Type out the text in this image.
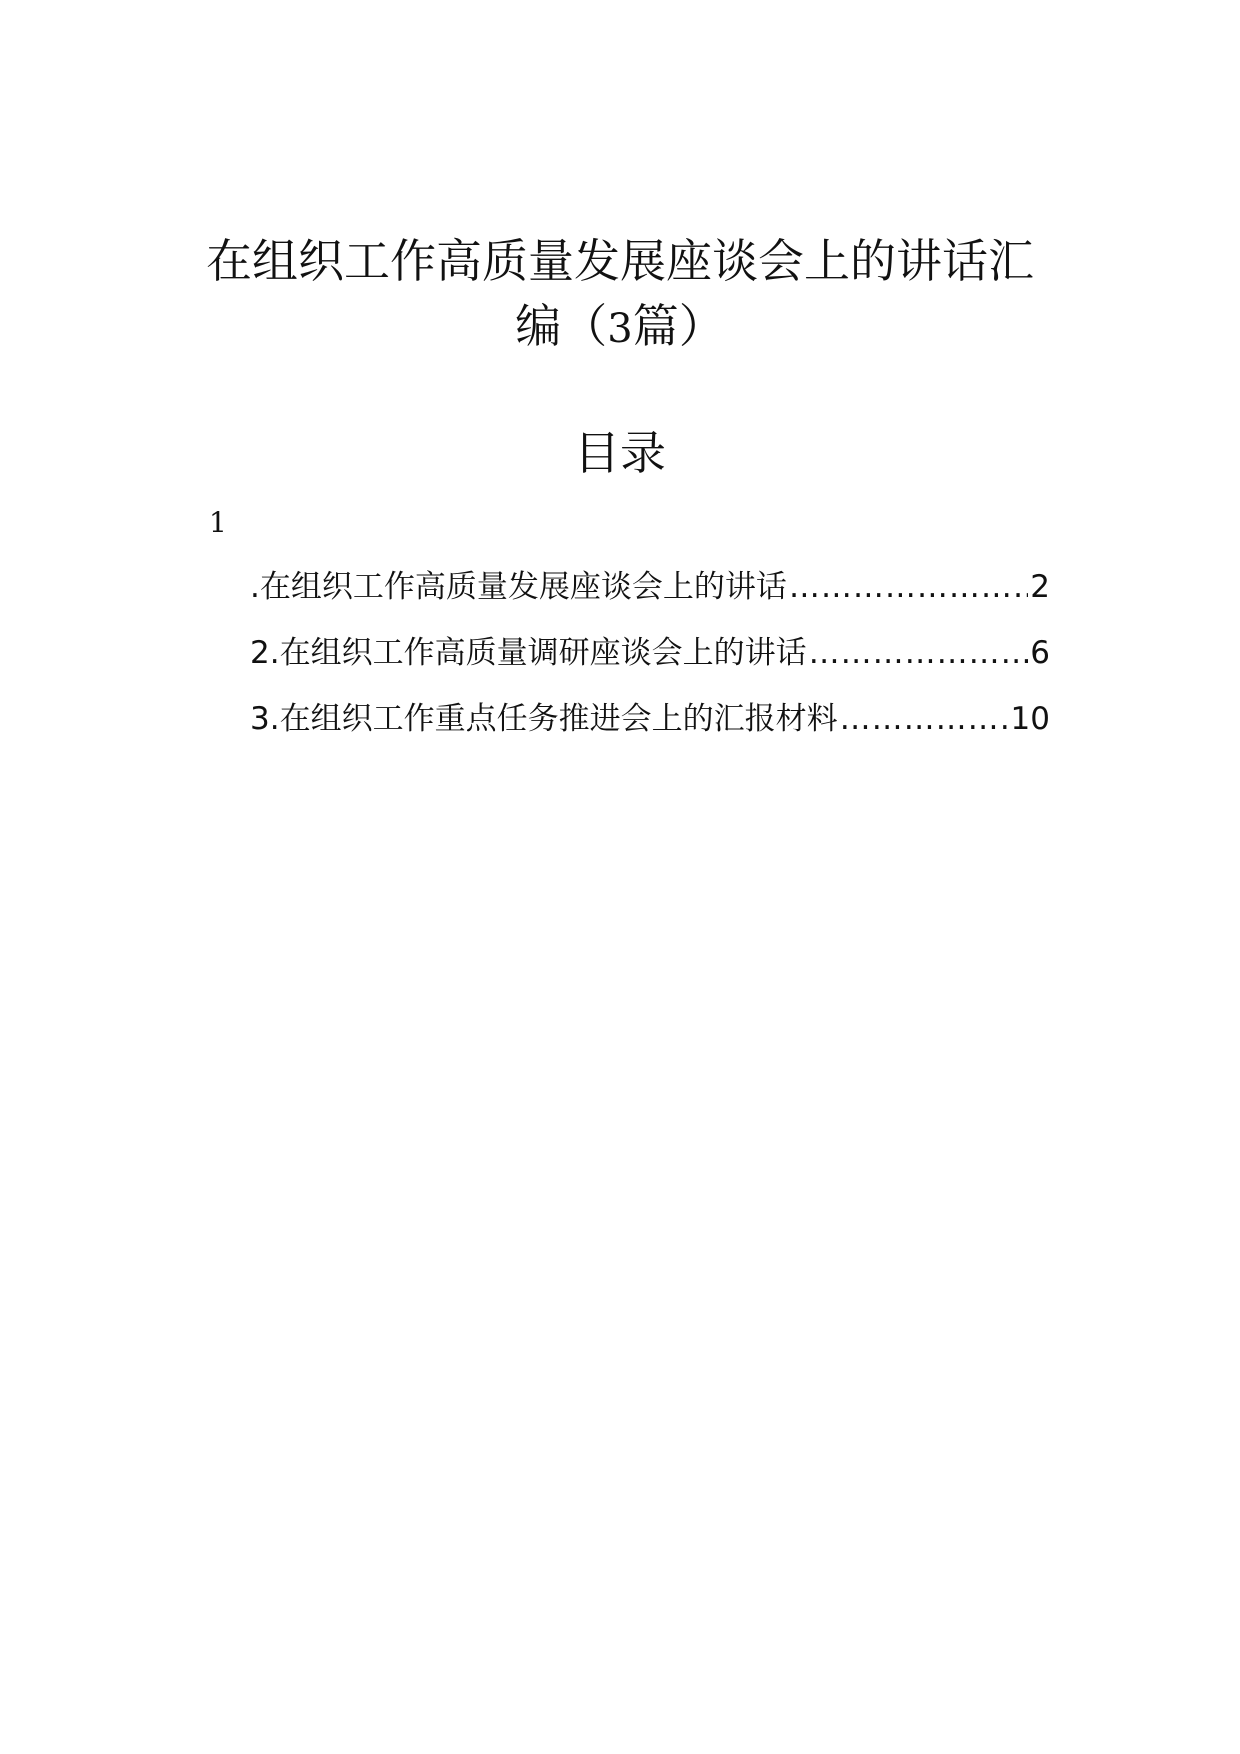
在组织工作高质量发展座谈会上的讲话汇
编（3篇）
目录
1
.在组织工作高质量发展座谈会上的讲话 ……………………………………………………………………………………	2
2.在组织工作高质量调研座谈会上的讲话 ……………………………………………………………………………………	6
3.在组织工作重点任务推进会上的汇报材料 ……………………………………………………………………………………	10
